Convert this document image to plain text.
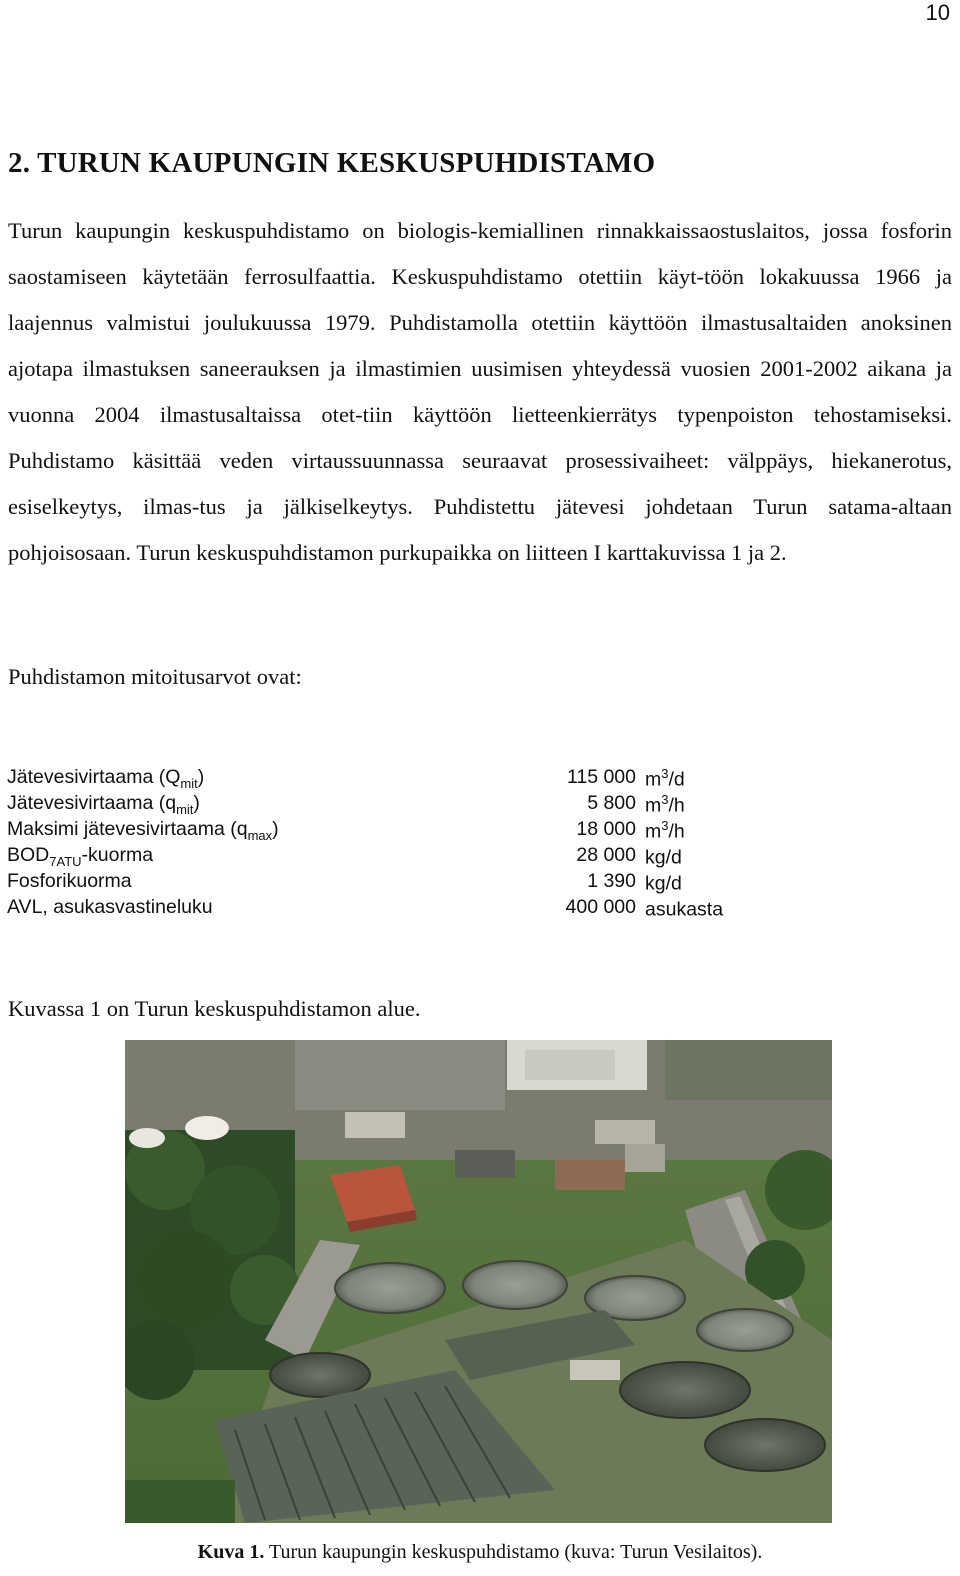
10
2. TURUN KAUPUNGIN KESKUSPUHDISTAMO

Turun kaupungin keskuspuhdistamo on biologis-kemiallinen rinnakkaissaostuslaitos, jossa fosforin saostamiseen käytetään ferrosulfaattia. Keskuspuhdistamo otettiin käyt-töön lokakuussa 1966 ja laajennus valmistui joulukuussa 1979. Puhdistamolla otettiin käyttöön ilmastusaltaiden anoksinen ajotapa ilmastuksen saneerauksen ja ilmastimien uusimisen yhteydessä vuosien 2001-2002 aikana ja vuonna 2004 ilmastusaltaissa otet-tiin käyttöön lietteenkierrätys typenpoiston tehostamiseksi. Puhdistamo käsittää veden virtaussuunnassa seuraavat prosessivaiheet: välppäys, hiekanerotus, esiselkeytys, ilmas-tus ja jälkiselkeytys. Puhdistettu jätevesi johdetaan Turun satama-altaan pohjoisosaan. Turun keskuspuhdistamon purkupaikka on liitteen I karttakuvissa 1 ja 2.

Puhdistamon mitoitusarvot ovat:

Jätevesivirtaama $(Q_{mit})$	115 000 $m^3/d$
Jätevesivirtaama $(q_{mit})$	5 800 $m^3/h$
Maksimi jätevesivirtaama $(q_{max})$	18 000 $m^3/h$
$BOD_{7ATU}$-kuorma	28 000 kg/d
Fosforikuorma	1 390 kg/d
AVL, asukasvastineluku	400 000 asukasta

Kuvassa 1 on Turun keskuspuhdistamon alue.

Kuva 1. Turun kaupungin keskuspuhdistamo (kuva: Turun Vesilaitos).
